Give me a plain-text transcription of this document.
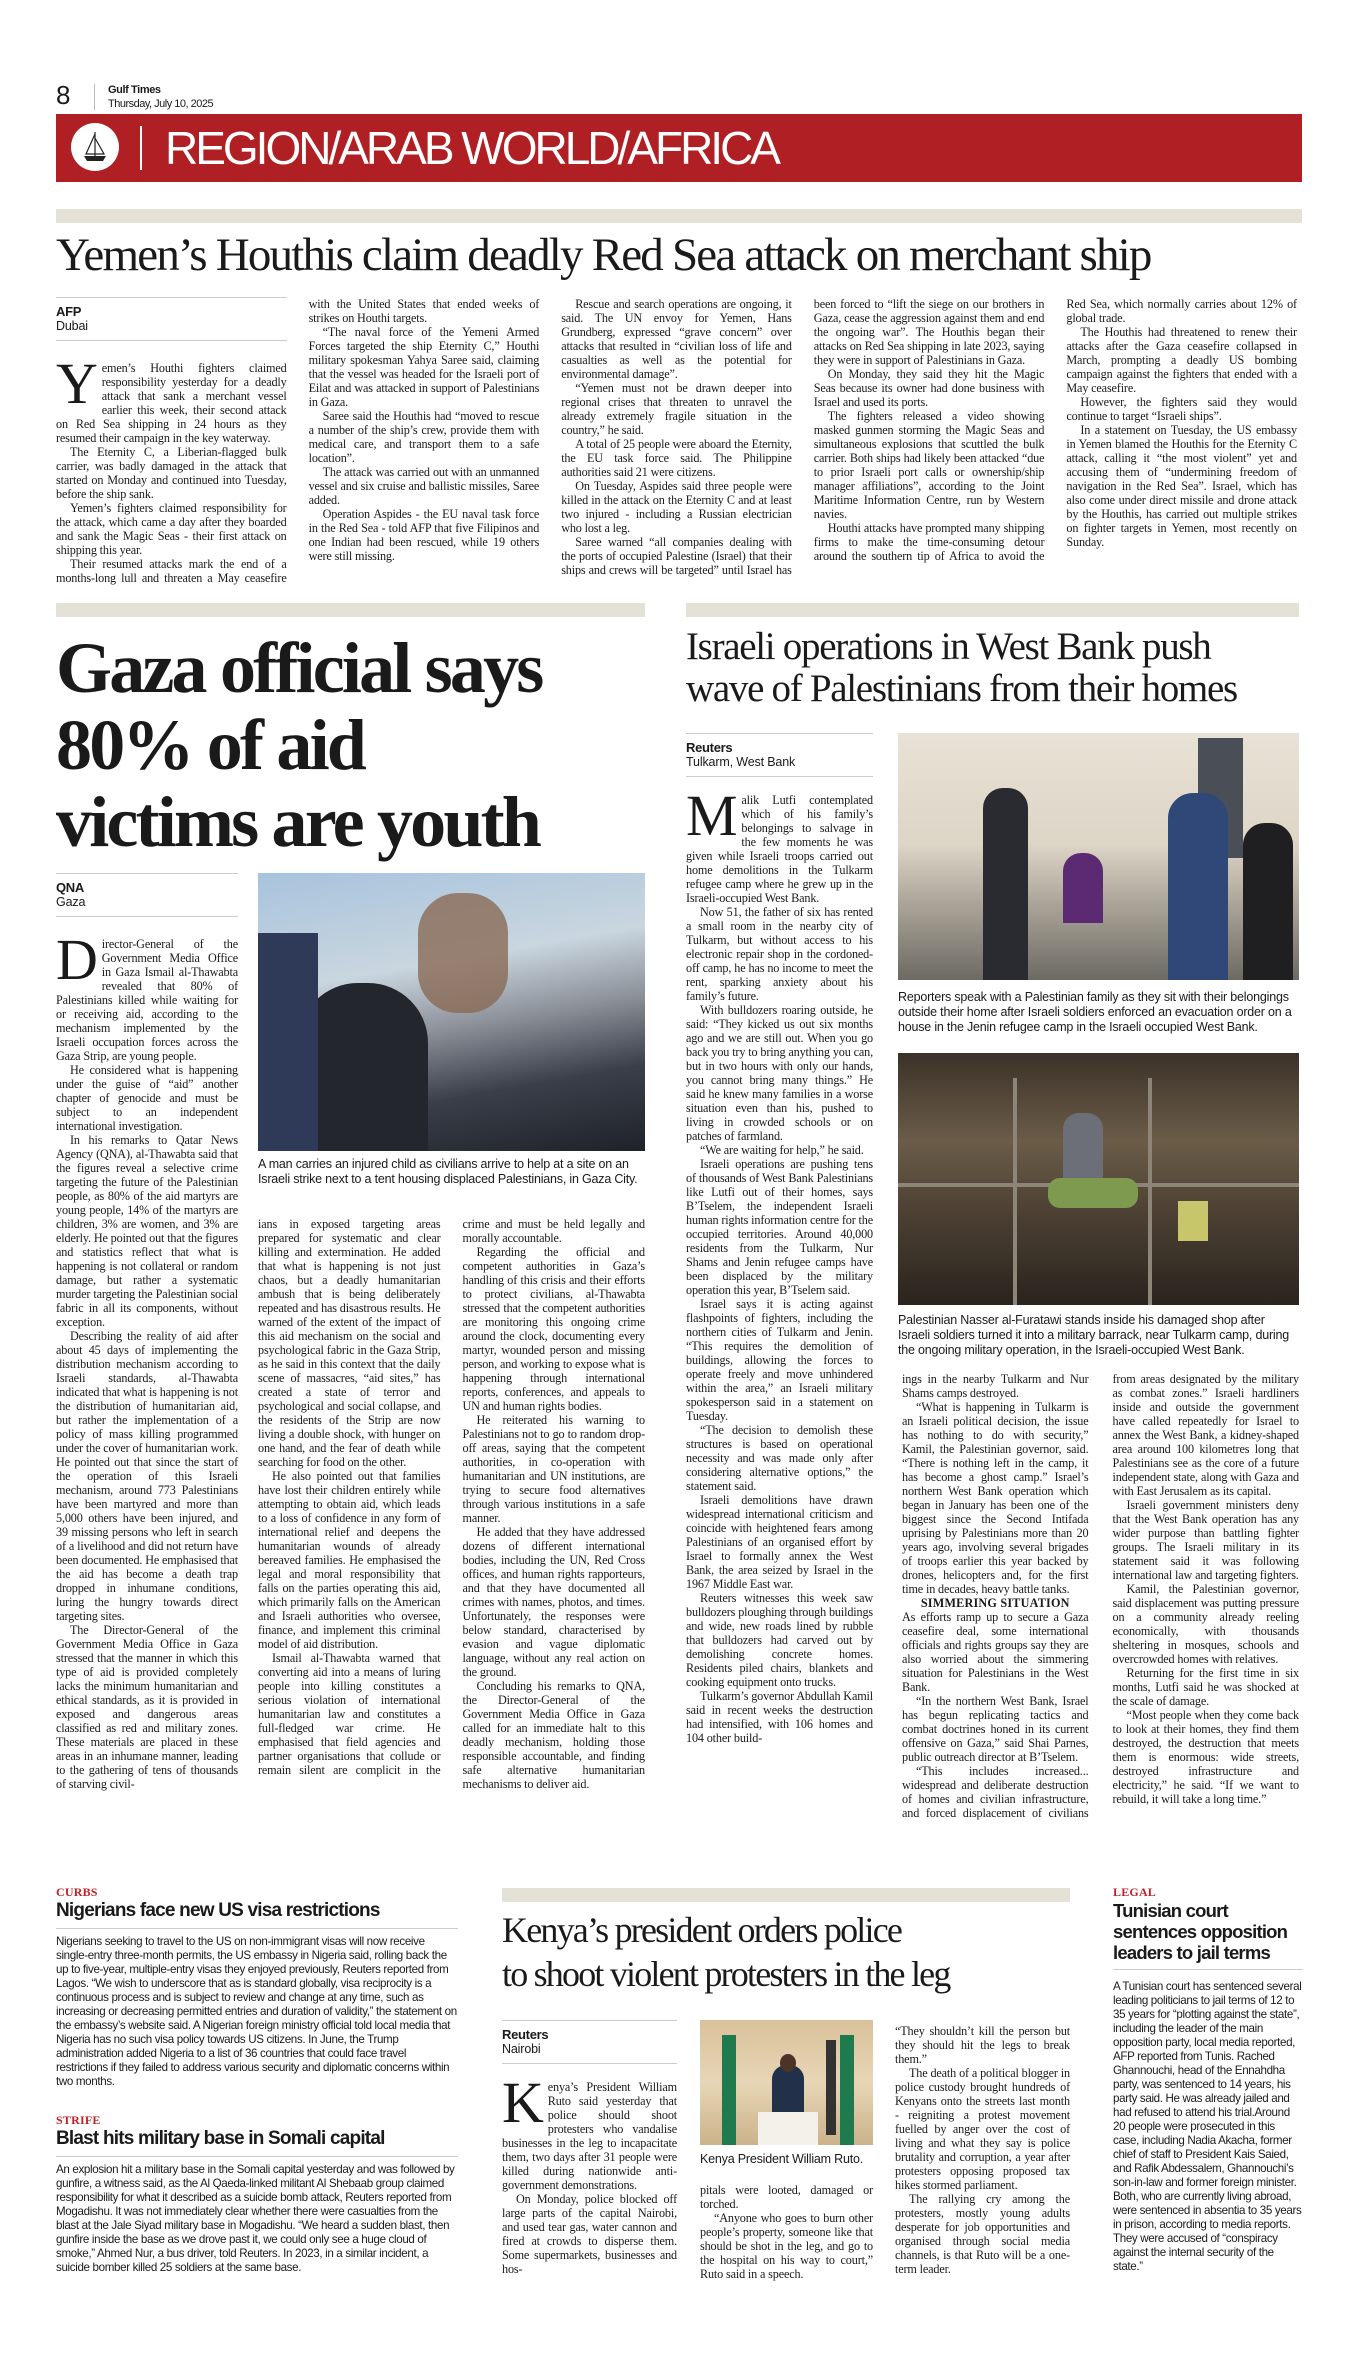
8	Gulf Times
Thursday, July 10, 2025
REGION/ARAB WORLD/AFRICA
Yemen’s Houthis claim deadly Red Sea attack on merchant ship
AFP
Dubai

Yemen’s Houthi fighters claimed responsibility yesterday for a deadly attack that sank a merchant vessel earlier this week, their second attack on Red Sea shipping in 24 hours as they resumed their campaign in the key waterway.

The Eternity C, a Liberian-flagged bulk carrier, was badly damaged in the attack that started on Monday and continued into Tuesday, before the ship sank.

Yemen’s fighters claimed responsibility for the attack, which came a day after they boarded and sank the Magic Seas - their first attack on shipping this year.

Their resumed attacks mark the end of a months-long lull and threaten a May ceasefire with the United States that ended weeks of strikes on Houthi targets.

“The naval force of the Yemeni Armed Forces targeted the ship Eternity C,” Houthi military spokesman Yahya Saree said, claiming that the vessel was headed for the Israeli port of Eilat and was attacked in support of Palestinians in Gaza.

Saree said the Houthis had “moved to rescue a number of the ship’s crew, provide them with medical care, and transport them to a safe location”.

The attack was carried out with an unmanned vessel and six cruise and ballistic missiles, Saree added.

Operation Aspides - the EU naval task force in the Red Sea - told AFP that five Filipinos and one Indian had been rescued, while 19 others were still missing.

Rescue and search operations are ongoing, it said. The UN envoy for Yemen, Hans Grundberg, expressed “grave concern” over attacks that resulted in “civilian loss of life and casualties as well as the potential for environmental damage”.

“Yemen must not be drawn deeper into regional crises that threaten to unravel the already extremely fragile situation in the country,” he said.

A total of 25 people were aboard the Eternity, the EU task force said. The Philippine authorities said 21 were citizens.

On Tuesday, Aspides said three people were killed in the attack on the Eternity C and at least two injured - including a Russian electrician who lost a leg.

Saree warned “all companies dealing with the ports of occupied Palestine (Israel) that their ships and crews will be targeted” until Israel has been forced to “lift the siege on our brothers in Gaza, cease the aggression against them and end the ongoing war”. The Houthis began their attacks on Red Sea shipping in late 2023, saying they were in support of Palestinians in Gaza.

On Monday, they said they hit the Magic Seas because its owner had done business with Israel and used its ports.

The fighters released a video showing masked gunmen storming the Magic Seas and simultaneous explosions that scuttled the bulk carrier. Both ships had likely been attacked “due to prior Israeli port calls or ownership/ship manager affiliations”, according to the Joint Maritime Information Centre, run by Western navies.

Houthi attacks have prompted many shipping firms to make the time-consuming detour around the southern tip of Africa to avoid the Red Sea, which normally carries about 12% of global trade.

The Houthis had threatened to renew their attacks after the Gaza ceasefire collapsed in March, prompting a deadly US bombing campaign against the fighters that ended with a May ceasefire.

However, the fighters said they would continue to target “Israeli ships”.

In a statement on Tuesday, the US embassy in Yemen blamed the Houthis for the Eternity C attack, calling it “the most violent” yet and accusing them of “undermining freedom of navigation in the Red Sea”. Israel, which has also come under direct missile and drone attack by the Houthis, has carried out multiple strikes on fighter targets in Yemen, most recently on Sunday.

Gaza official says
80% of aid
victims are youth
QNA
Gaza

Director-General of the Government Media Office in Gaza Ismail al-Thawabta revealed that 80% of Palestinians killed while waiting for or receiving aid, according to the mechanism implemented by the Israeli occupation forces across the Gaza Strip, are young people.

He considered what is happening under the guise of “aid” another chapter of genocide and must be subject to an independent international investigation.

In his remarks to Qatar News Agency (QNA), al-Thawabta said that the figures reveal a selective crime targeting the future of the Palestinian people, as 80% of the aid martyrs are young people, 14% of the martyrs are children, 3% are women, and 3% are elderly. He pointed out that the figures and statistics reflect that what is happening is not collateral or random damage, but rather a systematic murder targeting the Palestinian social fabric in all its components, without exception.

Describing the reality of aid after about 45 days of implementing the distribution mechanism according to Israeli standards, al-Thawabta indicated that what is happening is not the distribution of humanitarian aid, but rather the implementation of a policy of mass killing programmed under the cover of humanitarian work. He pointed out that since the start of the operation of this Israeli mechanism, around 773 Palestinians have been martyred and more than 5,000 others have been injured, and 39 missing persons who left in search of a livelihood and did not return have been documented. He emphasised that the aid has become a death trap dropped in inhumane conditions, luring the hungry towards direct targeting sites.

The Director-General of the Government Media Office in Gaza stressed that the manner in which this type of aid is provided completely lacks the minimum humanitarian and ethical standards, as it is provided in exposed and dangerous areas classified as red and military zones. These materials are placed in these areas in an inhumane manner, leading to the gathering of tens of thousands of starving civil-

A man carries an injured child as civilians arrive to help at a site on an Israeli strike next to a tent housing displaced Palestinians, in Gaza City.

ians in exposed targeting areas prepared for systematic and clear killing and extermination. He added that what is happening is not just chaos, but a deadly humanitarian ambush that is being deliberately repeated and has disastrous results. He warned of the extent of the impact of this aid mechanism on the social and psychological fabric in the Gaza Strip, as he said in this context that the daily scene of massacres, “aid sites,” has created a state of terror and psychological and social collapse, and the residents of the Strip are now living a double shock, with hunger on one hand, and the fear of death while searching for food on the other.

He also pointed out that families have lost their children entirely while attempting to obtain aid, which leads to a loss of confidence in any form of international relief and deepens the humanitarian wounds of already bereaved families. He emphasised the legal and moral responsibility that falls on the parties operating this aid, which primarily falls on the American and Israeli authorities who oversee, finance, and implement this criminal model of aid distribution.

Ismail al-Thawabta warned that converting aid into a means of luring people into killing constitutes a serious violation of international humanitarian law and constitutes a full-fledged war crime. He emphasised that field agencies and partner organisations that collude or remain silent are complicit in the crime and must be held legally and morally accountable.

Regarding the official and competent authorities in Gaza’s handling of this crisis and their efforts to protect civilians, al-Thawabta stressed that the competent authorities are monitoring this ongoing crime around the clock, documenting every martyr, wounded person and missing person, and working to expose what is happening through international reports, conferences, and appeals to UN and human rights bodies.

He reiterated his warning to Palestinians not to go to random drop-off areas, saying that the competent authorities, in co-operation with humanitarian and UN institutions, are trying to secure food alternatives through various institutions in a safe manner.

He added that they have addressed dozens of different international bodies, including the UN, Red Cross offices, and human rights rapporteurs, and that they have documented all crimes with names, photos, and times. Unfortunately, the responses were below standard, characterised by evasion and vague diplomatic language, without any real action on the ground.

Concluding his remarks to QNA, the Director-General of the Government Media Office in Gaza called for an immediate halt to this deadly mechanism, holding those responsible accountable, and finding safe alternative humanitarian mechanisms to deliver aid.

Israeli operations in West Bank push
wave of Palestinians from their homes
Reuters
Tulkarm, West Bank

Malik Lutfi contemplated which of his family’s belongings to salvage in the few moments he was given while Israeli troops carried out home demolitions in the Tulkarm refugee camp where he grew up in the Israeli-occupied West Bank.

Now 51, the father of six has rented a small room in the nearby city of Tulkarm, but without access to his electronic repair shop in the cordoned-off camp, he has no income to meet the rent, sparking anxiety about his family’s future.

With bulldozers roaring outside, he said: “They kicked us out six months ago and we are still out. When you go back you try to bring anything you can, but in two hours with only our hands, you cannot bring many things.” He said he knew many families in a worse situation even than his, pushed to living in crowded schools or on patches of farmland.

“We are waiting for help,” he said.

Israeli operations are pushing tens of thousands of West Bank Palestinians like Lutfi out of their homes, says B’Tselem, the independent Israeli human rights information centre for the occupied territories. Around 40,000 residents from the Tulkarm, Nur Shams and Jenin refugee camps have been displaced by the military operation this year, B’Tselem said.

Israel says it is acting against flashpoints of fighters, including the northern cities of Tulkarm and Jenin. “This requires the demolition of buildings, allowing the forces to operate freely and move unhindered within the area,” an Israeli military spokesperson said in a statement on Tuesday.

“The decision to demolish these structures is based on operational necessity and was made only after considering alternative options,” the statement said.

Israeli demolitions have drawn widespread international criticism and coincide with heightened fears among Palestinians of an organised effort by Israel to formally annex the West Bank, the area seized by Israel in the 1967 Middle East war.

Reuters witnesses this week saw bulldozers ploughing through buildings and wide, new roads lined by rubble that bulldozers had carved out by demolishing concrete homes. Residents piled chairs, blankets and cooking equipment onto trucks.

Tulkarm’s governor Abdullah Kamil said in recent weeks the destruction had intensified, with 106 homes and 104 other build-

Reporters speak with a Palestinian family as they sit with their belongings outside their home after Israeli soldiers enforced an evacuation order on a house in the Jenin refugee camp in the Israeli occupied West Bank.
Palestinian Nasser al-Furatawi stands inside his damaged shop after Israeli soldiers turned it into a military barrack, near Tulkarm camp, during the ongoing military operation, in the Israeli-occupied West Bank.

ings in the nearby Tulkarm and Nur Shams camps destroyed.

“What is happening in Tulkarm is an Israeli political decision, the issue has nothing to do with security,” Kamil, the Palestinian governor, said. “There is nothing left in the camp, it has become a ghost camp.” Israel’s northern West Bank operation which began in January has been one of the biggest since the Second Intifada uprising by Palestinians more than 20 years ago, involving several brigades of troops earlier this year backed by drones, helicopters and, for the first time in decades, heavy battle tanks.

SIMMERING SITUATION

As efforts ramp up to secure a Gaza ceasefire deal, some international officials and rights groups say they are also worried about the simmering situation for Palestinians in the West Bank.

“In the northern West Bank, Israel has begun replicating tactics and combat doctrines honed in its current offensive on Gaza,” said Shai Parnes, public outreach director at B’Tselem.

“This includes increased... widespread and deliberate destruction of homes and civilian infrastructure, and forced displacement of civilians from areas designated by the military as combat zones.” Israeli hardliners inside and outside the government have called repeatedly for Israel to annex the West Bank, a kidney-shaped area around 100 kilometres long that Palestinians see as the core of a future independent state, along with Gaza and with East Jerusalem as its capital.

Israeli government ministers deny that the West Bank operation has any wider purpose than battling fighter groups. The Israeli military in its statement said it was following international law and targeting fighters.

Kamil, the Palestinian governor, said displacement was putting pressure on a community already reeling economically, with thousands sheltering in mosques, schools and overcrowded homes with relatives.

Returning for the first time in six months, Lutfi said he was shocked at the scale of damage.

“Most people when they come back to look at their homes, they find them destroyed, the destruction that meets them is enormous: wide streets, destroyed infrastructure and electricity,” he said. “If we want to rebuild, it will take a long time.”

CURBS
Nigerians face new US visa restrictions
Nigerians seeking to travel to the US on non-immigrant visas will now receive single-entry three-month permits, the US embassy in Nigeria said, rolling back the up to five-year, multiple-entry visas they enjoyed previously, Reuters reported from Lagos. “We wish to underscore that as is standard globally, visa reciprocity is a continuous process and is subject to review and change at any time, such as increasing or decreasing permitted entries and duration of validity,” the statement on the embassy’s website said. A Nigerian foreign ministry official told local media that Nigeria has no such visa policy towards US citizens. In June, the Trump administration added Nigeria to a list of 36 countries that could face travel restrictions if they failed to address various security and diplomatic concerns within two months.
STRIFE
Blast hits military base in Somali capital
An explosion hit a military base in the Somali capital yesterday and was followed by gunfire, a witness said, as the Al Qaeda-linked militant Al Shebaab group claimed responsibility for what it described as a suicide bomb attack, Reuters reported from Mogadishu. It was not immediately clear whether there were casualties from the blast at the Jale Siyad military base in Mogadishu. “We heard a sudden blast, then gunfire inside the base as we drove past it, we could only see a huge cloud of smoke,” Ahmed Nur, a bus driver, told Reuters. In 2023, in a similar incident, a suicide bomber killed 25 soldiers at the same base.
Kenya’s president orders police
to shoot violent protesters in the leg
Reuters
Nairobi

Kenya’s President William Ruto said yesterday that police should shoot protesters who vandalise businesses in the leg to incapacitate them, two days after 31 people were killed during nationwide anti-government demonstrations.

On Monday, police blocked off large parts of the capital Nairobi, and used tear gas, water cannon and fired at crowds to disperse them. Some supermarkets, businesses and hos-

Kenya President William Ruto.

pitals were looted, damaged or torched.

“Anyone who goes to burn other people’s property, someone like that should be shot in the leg, and go to the hospital on his way to court,” Ruto said in a speech.

“They shouldn’t kill the person but they should hit the legs to break them.”

The death of a political blogger in police custody brought hundreds of Kenyans onto the streets last month - reigniting a protest movement fuelled by anger over the cost of living and what they say is police brutality and corruption, a year after protesters opposing proposed tax hikes stormed parliament.

The rallying cry among the protesters, mostly young adults desperate for job opportunities and organised through social media channels, is that Ruto will be a one-term leader.

LEGAL
Tunisian court sentences opposition leaders to jail terms
A Tunisian court has sentenced several leading politicians to jail terms of 12 to 35 years for “plotting against the state”, including the leader of the main opposition party, local media reported, AFP reported from Tunis. Rached Ghannouchi, head of the Ennahdha party, was sentenced to 14 years, his party said. He was already jailed and had refused to attend his trial.Around 20 people were prosecuted in this case, including Nadia Akacha, former chief of staff to President Kais Saied, and Rafik Abdessalem, Ghannouchi’s son-in-law and former foreign minister. Both, who are currently living abroad, were sentenced in absentia to 35 years in prison, according to media reports. They were accused of “conspiracy against the internal security of the state.”
